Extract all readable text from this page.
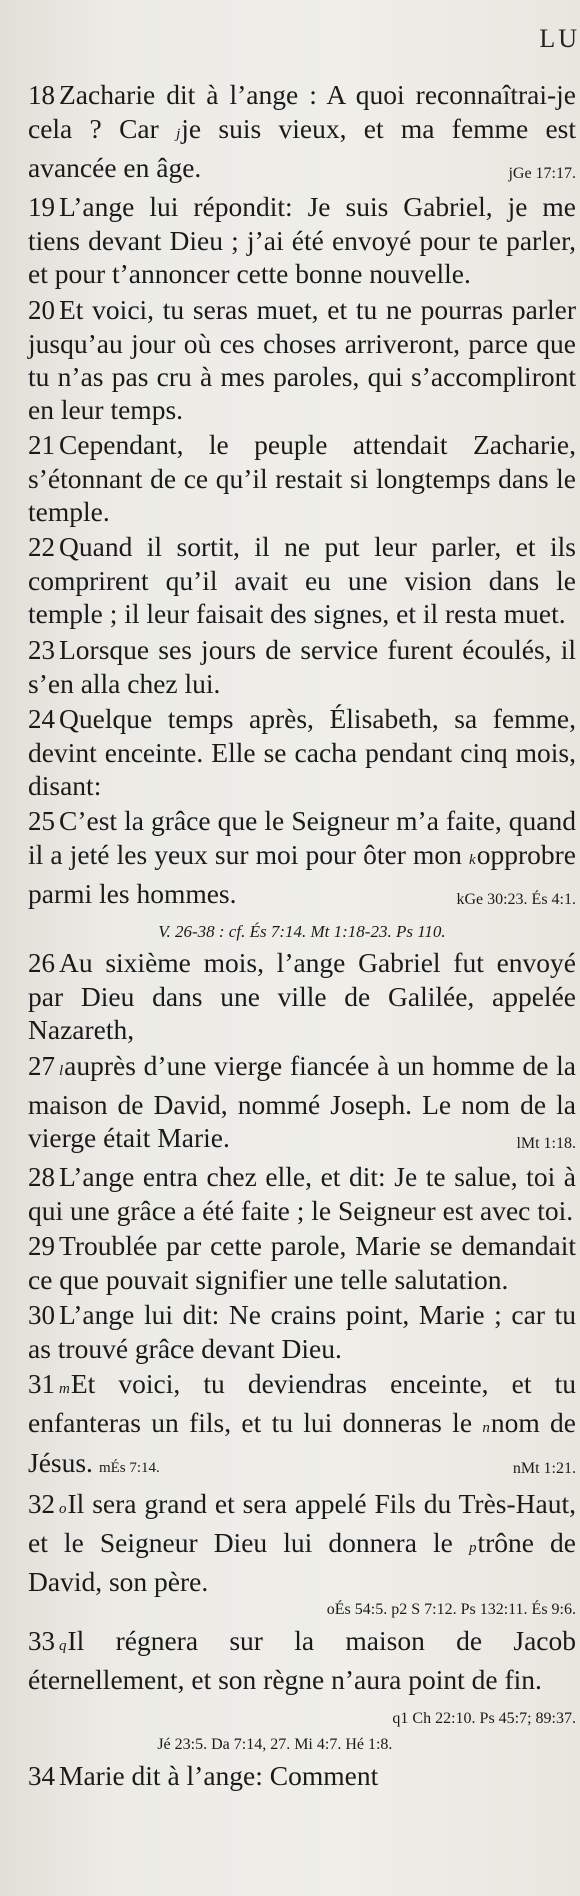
LU

18 Zacharie dit à l’ange : A quoi reconnaîtrai-je cela ? Car jje suis vieux, et ma femme est avancée en âge.	jGe 17:17.

19 L’ange lui répondit: Je suis Gabriel, je me tiens devant Dieu ; j’ai été envoyé pour te parler, et pour t’annoncer cette bonne nouvelle.

20 Et voici, tu seras muet, et tu ne pourras parler jusqu’au jour où ces choses arriveront, parce que tu n’as pas cru à mes paroles, qui s’accompliront en leur temps.

21 Cependant, le peuple attendait Zacharie, s’étonnant de ce qu’il restait si longtemps dans le temple.

22 Quand il sortit, il ne put leur parler, et ils comprirent qu’il avait eu une vision dans le temple ; il leur faisait des signes, et il resta muet.

23 Lorsque ses jours de service furent écoulés, il s’en alla chez lui.

24 Quelque temps après, Élisabeth, sa femme, devint enceinte. Elle se cacha pendant cinq mois, disant:

25 C’est la grâce que le Seigneur m’a faite, quand il a jeté les yeux sur moi pour ôter mon kopprobre parmi les hommes.	kGe 30:23. És 4:1.

V. 26-38 : cf. És 7:14. Mt 1:18-23. Ps 110.

26 Au sixième mois, l’ange Gabriel fut envoyé par Dieu dans une ville de Galilée, appelée Nazareth,

27 lauprès d’une vierge fiancée à un homme de la maison de David, nommé Joseph. Le nom de la vierge était Marie.	lMt 1:18.

28 L’ange entra chez elle, et dit: Je te salue, toi à qui une grâce a été faite ; le Seigneur est avec toi.

29 Troublée par cette parole, Marie se demandait ce que pouvait signifier une telle salutation.

30 L’ange lui dit: Ne crains point, Marie ; car tu as trouvé grâce devant Dieu.

31 mEt voici, tu deviendras enceinte, et tu enfanteras un fils, et tu lui donneras le nnom de Jésus. mÉs 7:14.	nMt 1:21.

32 oIl sera grand et sera appelé Fils du Très-Haut, et le Seigneur Dieu lui donnera le ptrône de David, son père.

oÉs 54:5. p2 S 7:12. Ps 132:11. És 9:6.

33 qIl régnera sur la maison de Jacob éternellement, et son règne n’aura point de fin.
q1 Ch 22:10. Ps 45:7; 89:37.

Jé 23:5. Da 7:14, 27. Mi 4:7. Hé 1:8.

34 Marie dit à l’ange: Comment
